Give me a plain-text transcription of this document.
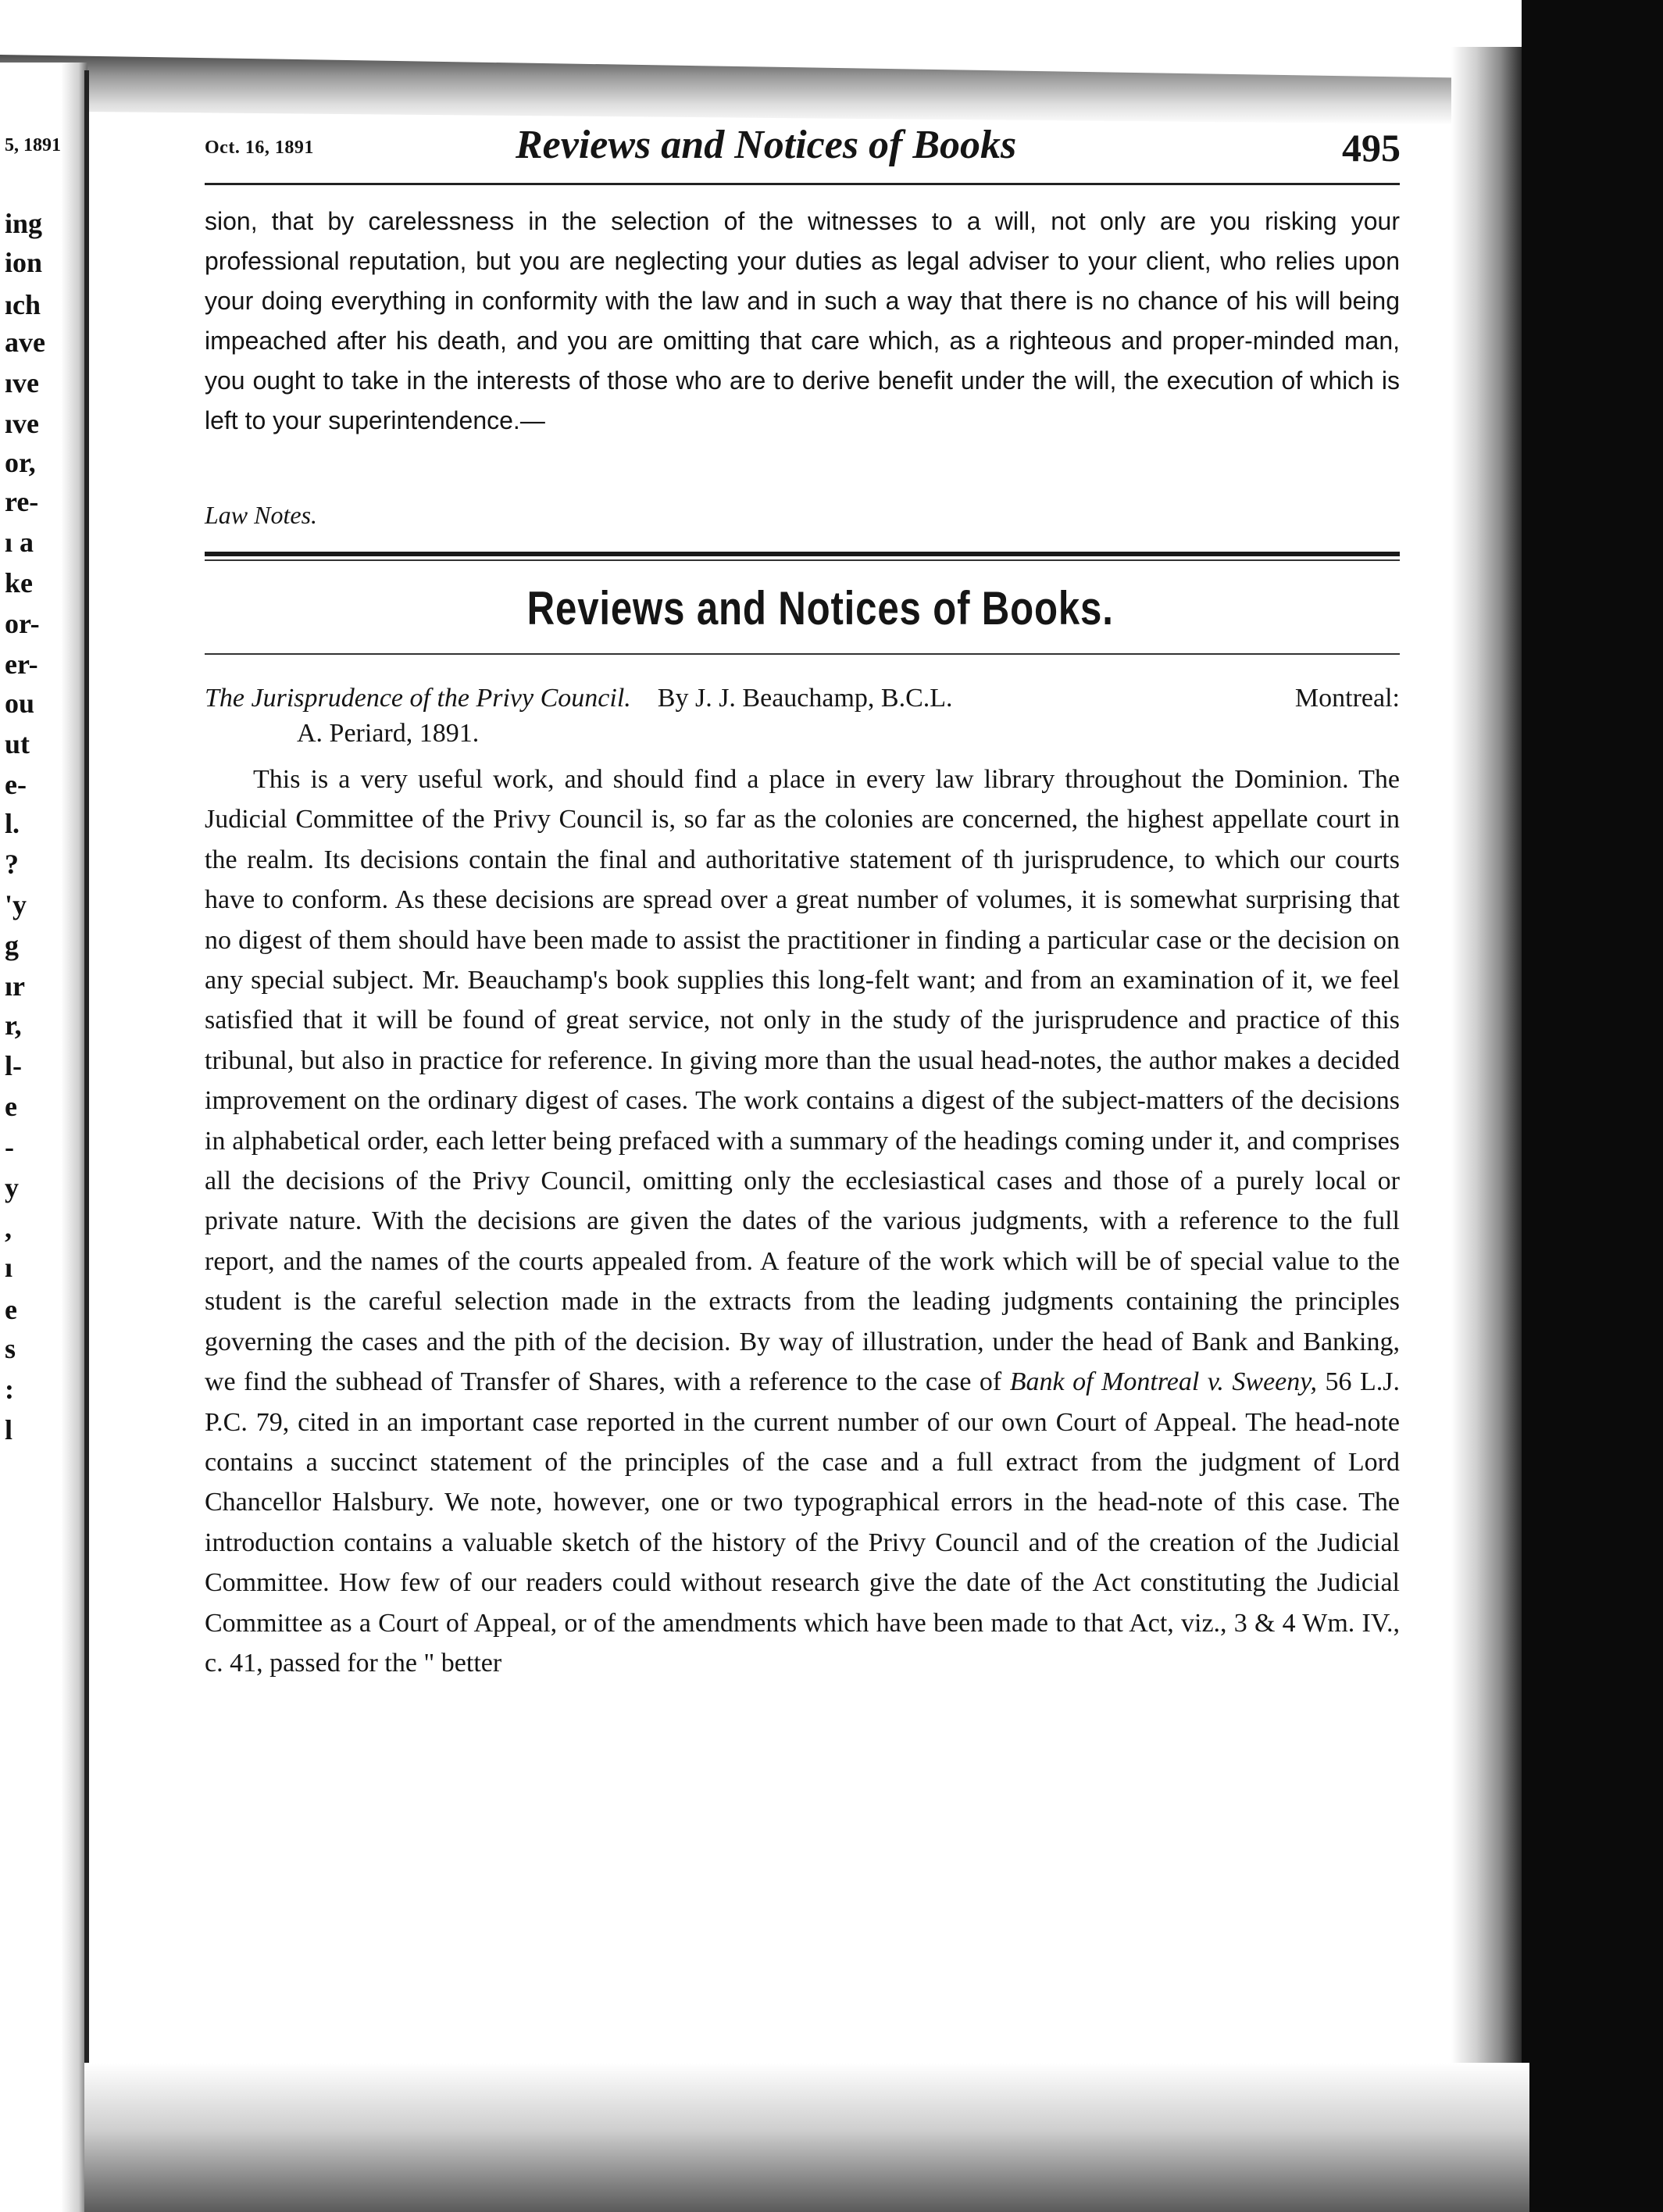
5, 1891
ing
ion
ıch
ave
ıve
ıve
or,
re-
ı a
ke
or-
er-
ou
ut
e-
l.
?
'y
g
ır
r,
l-
e
-
y
,
ı
e
s
:
l
Oct. 16, 1891	Reviews and Notices of Books	495

sion, that by carelessness in the selection of the witnesses to a will, not only are you risking your professional reputation, but you are neglecting your duties as legal adviser to your client, who relies upon your doing everything in conformity with the law and in such a way that there is no chance of his will being impeached after his death, and you are omitting that care which, as a righteous and proper-minded man, you ought to take in the interests of those who are to derive benefit under the will, the execution of which is left to your superintendence.—

Law Notes.
Reviews and Notices of Books.
The Jurisprudence of the Privy Council. By J. J. Beauchamp, B.C.L.	Montreal:
A. Periard, 1891.

This is a very useful work, and should find a place in every law library throughout the Dominion. The Judicial Committee of the Privy Council is, so far as the colonies are concerned, the highest appellate court in the realm. Its decisions contain the final and authoritative statement of th jurisprudence, to which our courts have to conform. As these decisions are spread over a great number of volumes, it is somewhat surprising that no digest of them should have been made to assist the practitioner in finding a particular case or the decision on any special subject. Mr. Beauchamp's book supplies this long-felt want; and from an examination of it, we feel satisfied that it will be found of great service, not only in the study of the jurisprudence and practice of this tribunal, but also in practice for reference. In giving more than the usual head-notes, the author makes a decided improvement on the ordinary digest of cases. The work contains a digest of the subject-matters of the decisions in alphabetical order, each letter being prefaced with a summary of the headings coming under it, and comprises all the decisions of the Privy Council, omitting only the ecclesiastical cases and those of a purely local or private nature. With the decisions are given the dates of the various judgments, with a reference to the full report, and the names of the courts appealed from. A feature of the work which will be of special value to the student is the careful selection made in the extracts from the leading judgments containing the principles governing the cases and the pith of the decision. By way of illustration, under the head of Bank and Banking, we find the subhead of Transfer of Shares, with a reference to the case of Bank of Montreal v. Sweeny, 56 L.J. P.C. 79, cited in an important case reported in the current number of our own Court of Appeal. The head-note contains a succinct statement of the principles of the case and a full extract from the judgment of Lord Chancellor Halsbury. We note, however, one or two typographical errors in the head-note of this case. The introduction contains a valuable sketch of the history of the Privy Council and of the creation of the Judicial Committee. How few of our readers could without research give the date of the Act constituting the Judicial Committee as a Court of Appeal, or of the amendments which have been made to that Act, viz., 3 & 4 Wm. IV., c. 41, passed for the " better
